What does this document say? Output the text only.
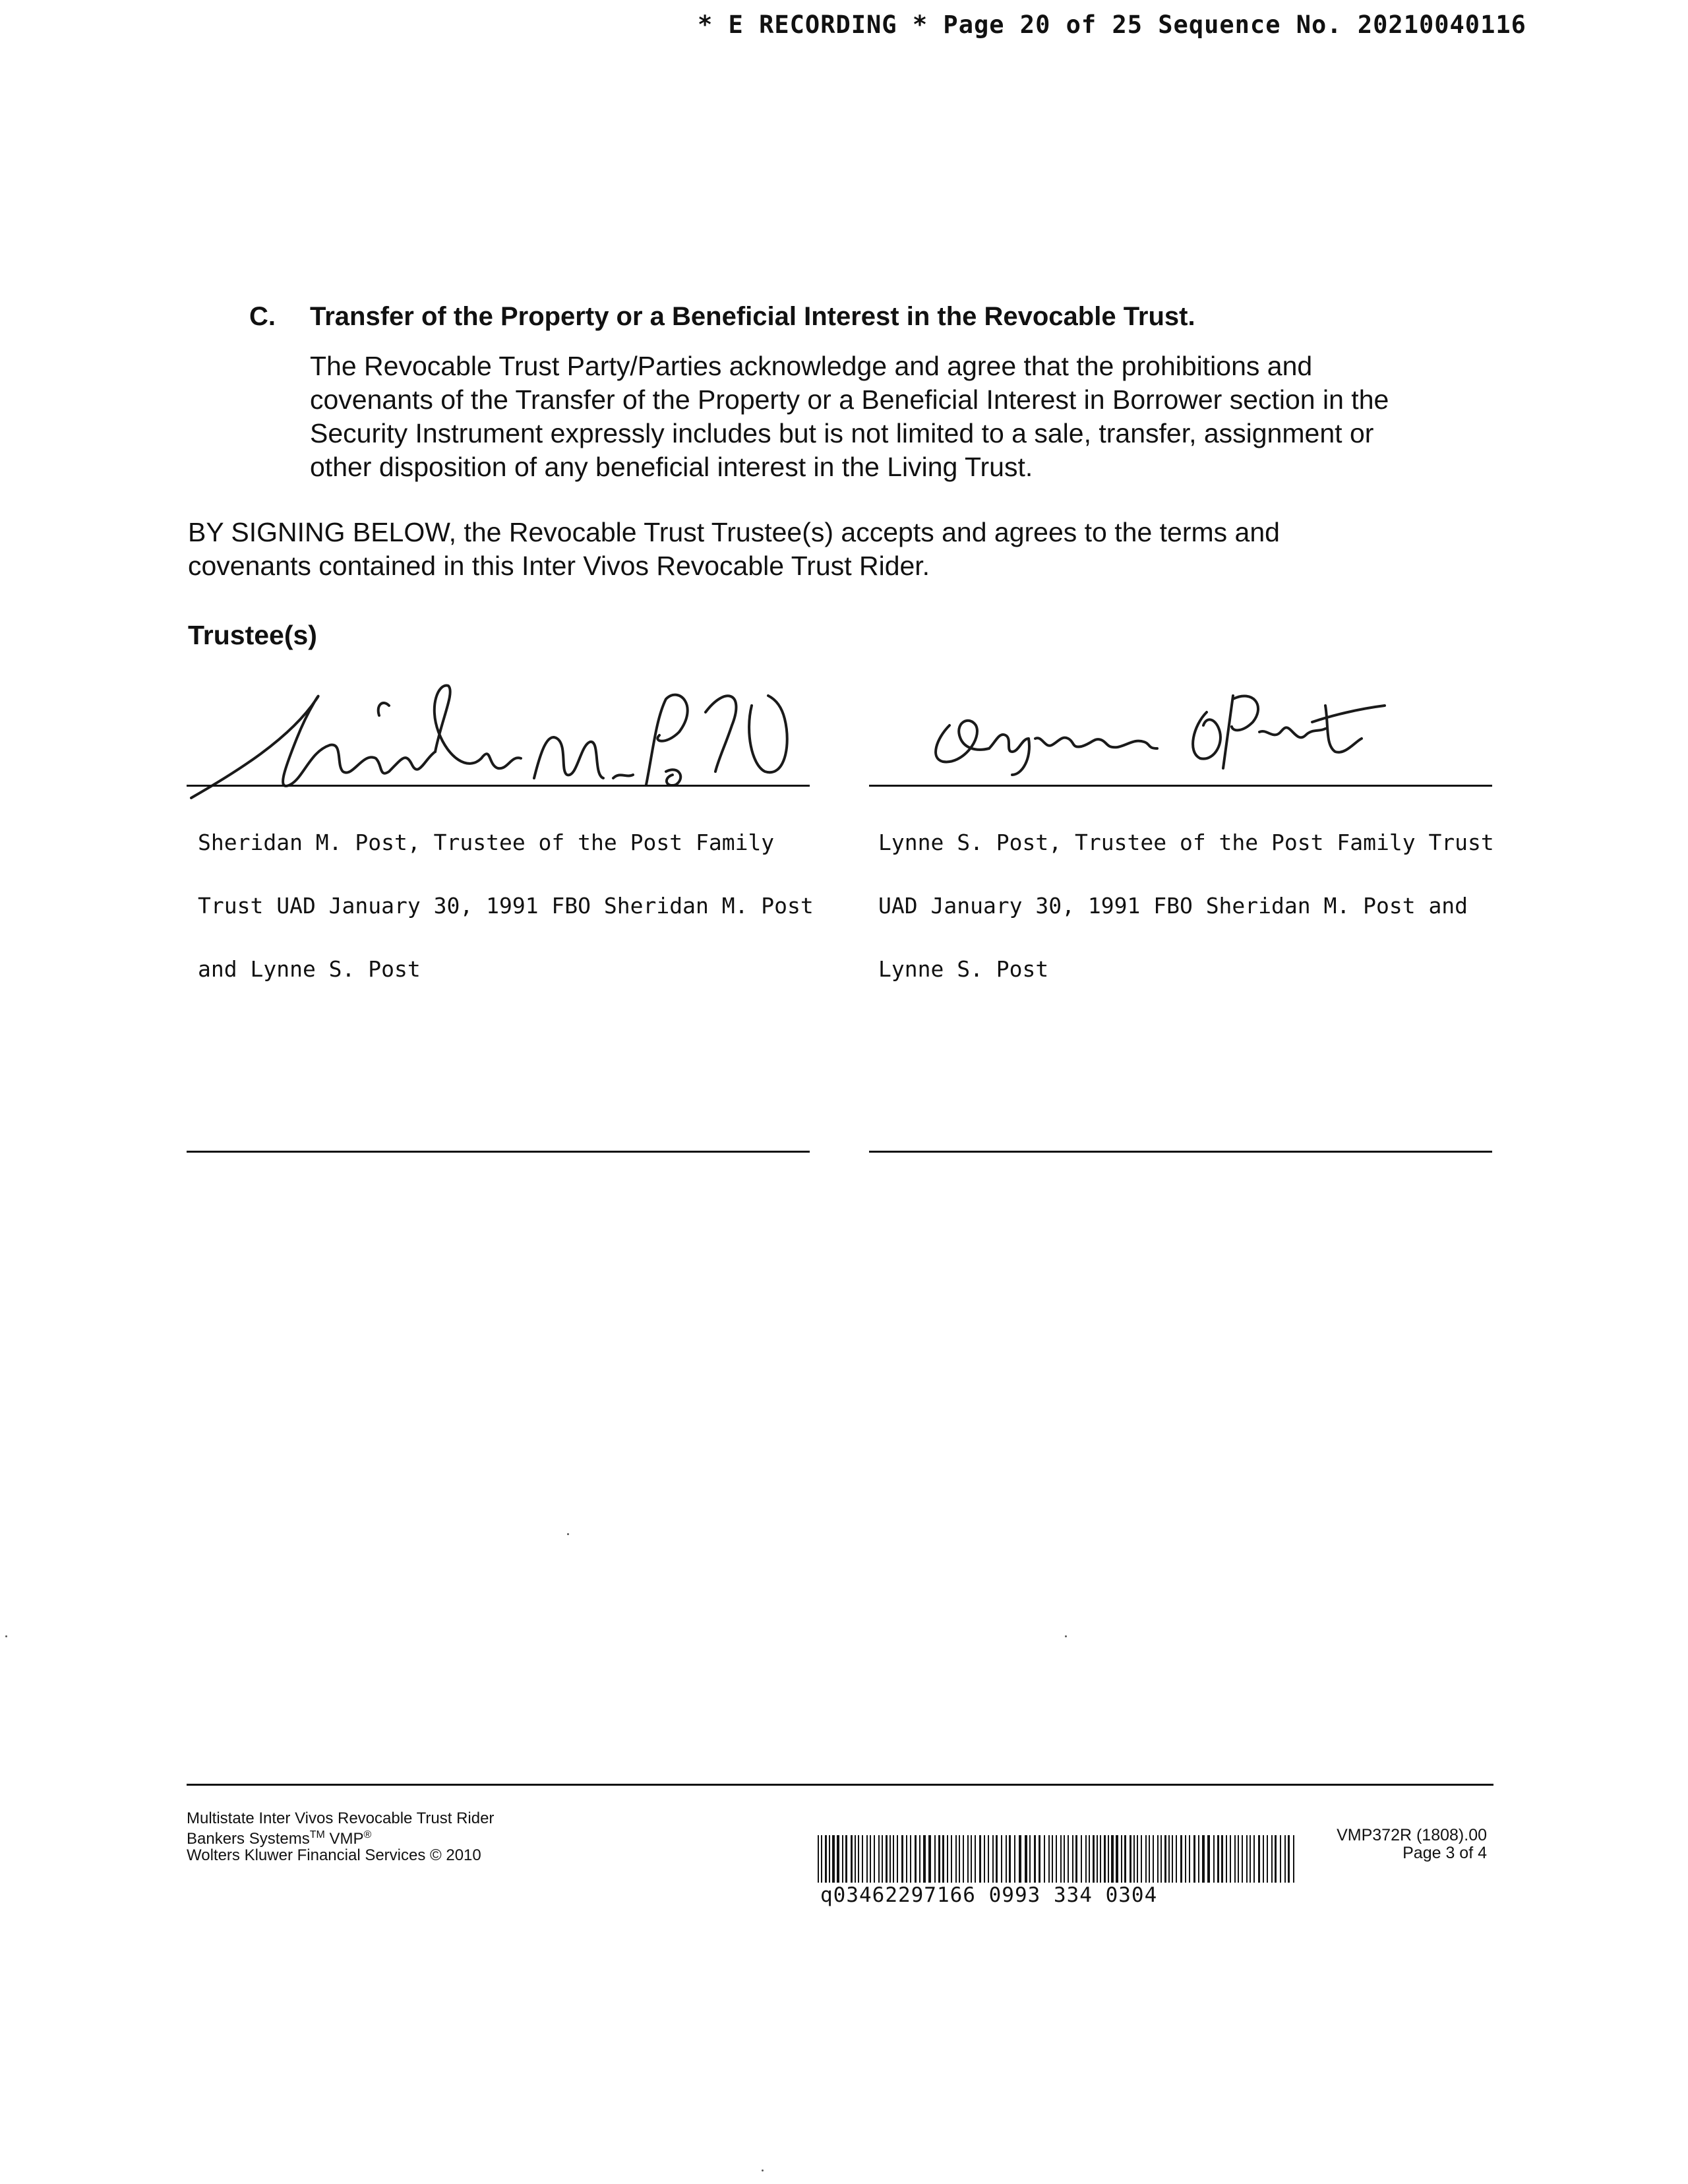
* E RECORDING * Page 20 of 25 Sequence No. 20210040116
C. Transfer of the Property or a Beneficial Interest in the Revocable Trust.

The Revocable Trust Party/Parties acknowledge and agree that the prohibitions and

covenants of the Transfer of the Property or a Beneficial Interest in Borrower section in the

Security Instrument expressly includes but is not limited to a sale, transfer, assignment or

other disposition of any beneficial interest in the Living Trust.

BY SIGNING BELOW, the Revocable Trust Trustee(s) accepts and agrees to the terms and

covenants contained in this Inter Vivos Revocable Trust Rider.

Trustee(s)

Sheridan M. Post, Trustee of the Post Family

Trust UAD January 30, 1991 FBO Sheridan M. Post

and Lynne S. Post

Lynne S. Post, Trustee of the Post Family Trust

UAD January 30, 1991 FBO Sheridan M. Post and

Lynne S. Post

Multistate Inter Vivos Revocable Trust Rider
Bankers Systems™ VMP®
Wolters Kluwer Financial Services © 2010
q03462297166 0993 334 0304
VMP372R (1808).00
Page 3 of 4
